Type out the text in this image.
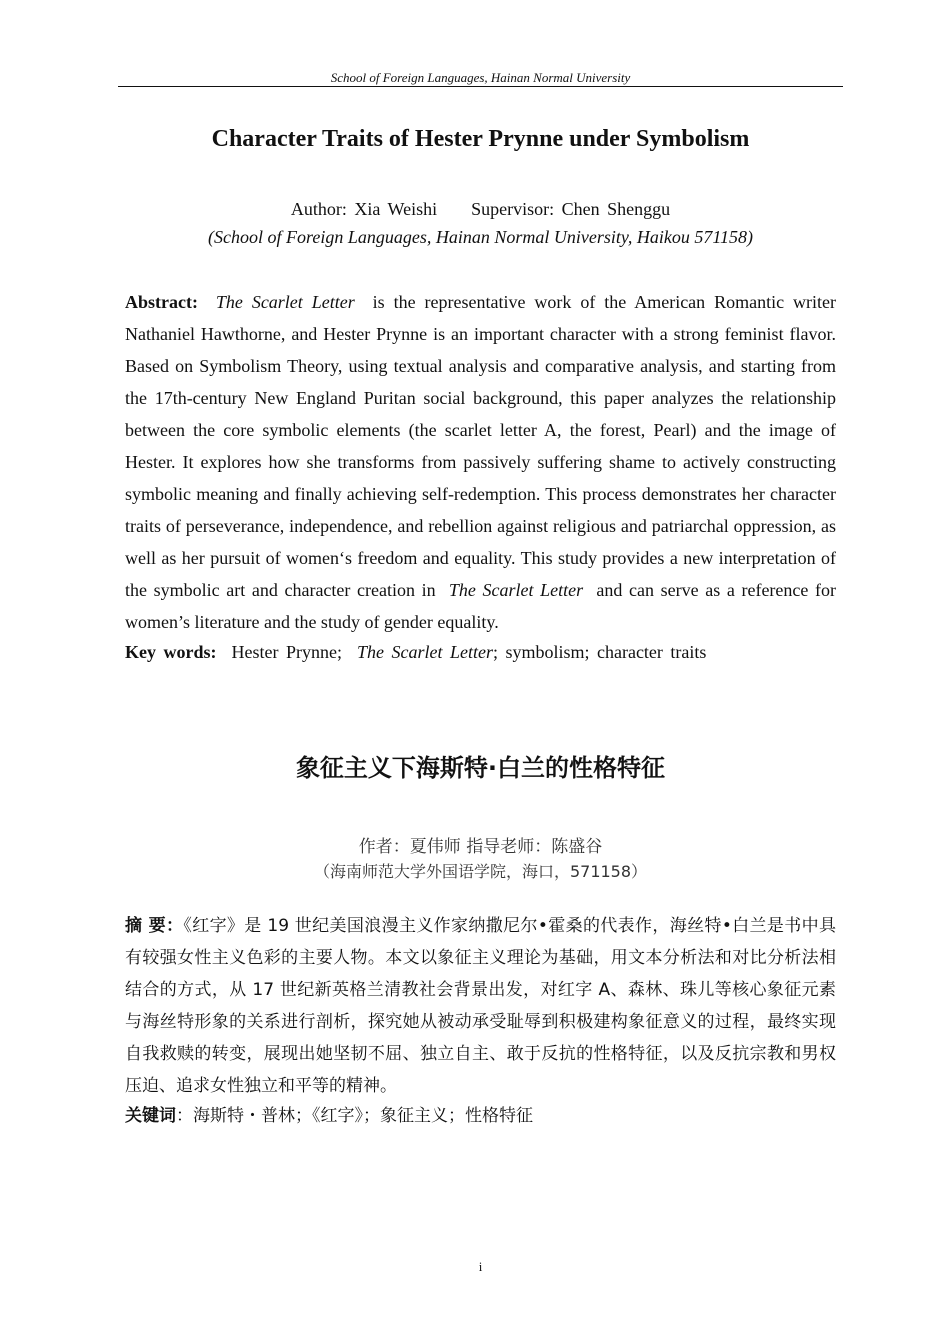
School of Foreign Languages, Hainan Normal University
Character Traits of Hester Prynne under Symbolism
Author: Xia Weishi Supervisor: Chen Shenggu
(School of Foreign Languages, Hainan Normal University, Haikou 571158)

Abstract: The Scarlet Letter  is the representative work of the American Romantic writer Nathaniel Hawthorne, and Hester Prynne is an important character with a strong feminist flavor. Based on Symbolism Theory, using textual analysis and comparative analysis, and starting from the 17th-century New England Puritan social background, this paper analyzes the relationship between the core symbolic elements (the scarlet letter A, the forest, Pearl) and the image of Hester. It explores how she transforms from passively suffering shame to actively constructing symbolic meaning and finally achieving self-redemption. This process demonstrates her character traits of perseverance, independence, and rebellion against religious and patriarchal oppression, as well as her pursuit of women‘s freedom and equality. This study provides a new interpretation of the symbolic art and character creation in  The Scarlet Letter  and can serve as a reference for women’s literature and the study of gender equality.

Key words: Hester Prynne; The Scarlet Letter; symbolism; character traits

象征主义下海斯特·白兰的性格特征
作者：夏伟师 指导老师：陈盛谷
（海南师范大学外国语学院，海口，571158）

摘 要：《红字》是 19 世纪美国浪漫主义作家纳撒尼尔•霍桑的代表作，海丝特•白兰是书中具有较强女性主义色彩的主要人物。本文以象征主义理论为基础，用文本分析法和对比分析法相结合的方式，从 17 世纪新英格兰清教社会背景出发，对红字 A、森林、珠儿等核心象征元素与海丝特形象的关系进行剖析，探究她从被动承受耻辱到积极建构象征意义的过程，最终实现自我救赎的转变，展现出她坚韧不屈、独立自主、敢于反抗的性格特征，以及反抗宗教和男权压迫、追求女性独立和平等的精神。

关键词：海斯特・普林；《红字》；象征主义；性格特征

i
